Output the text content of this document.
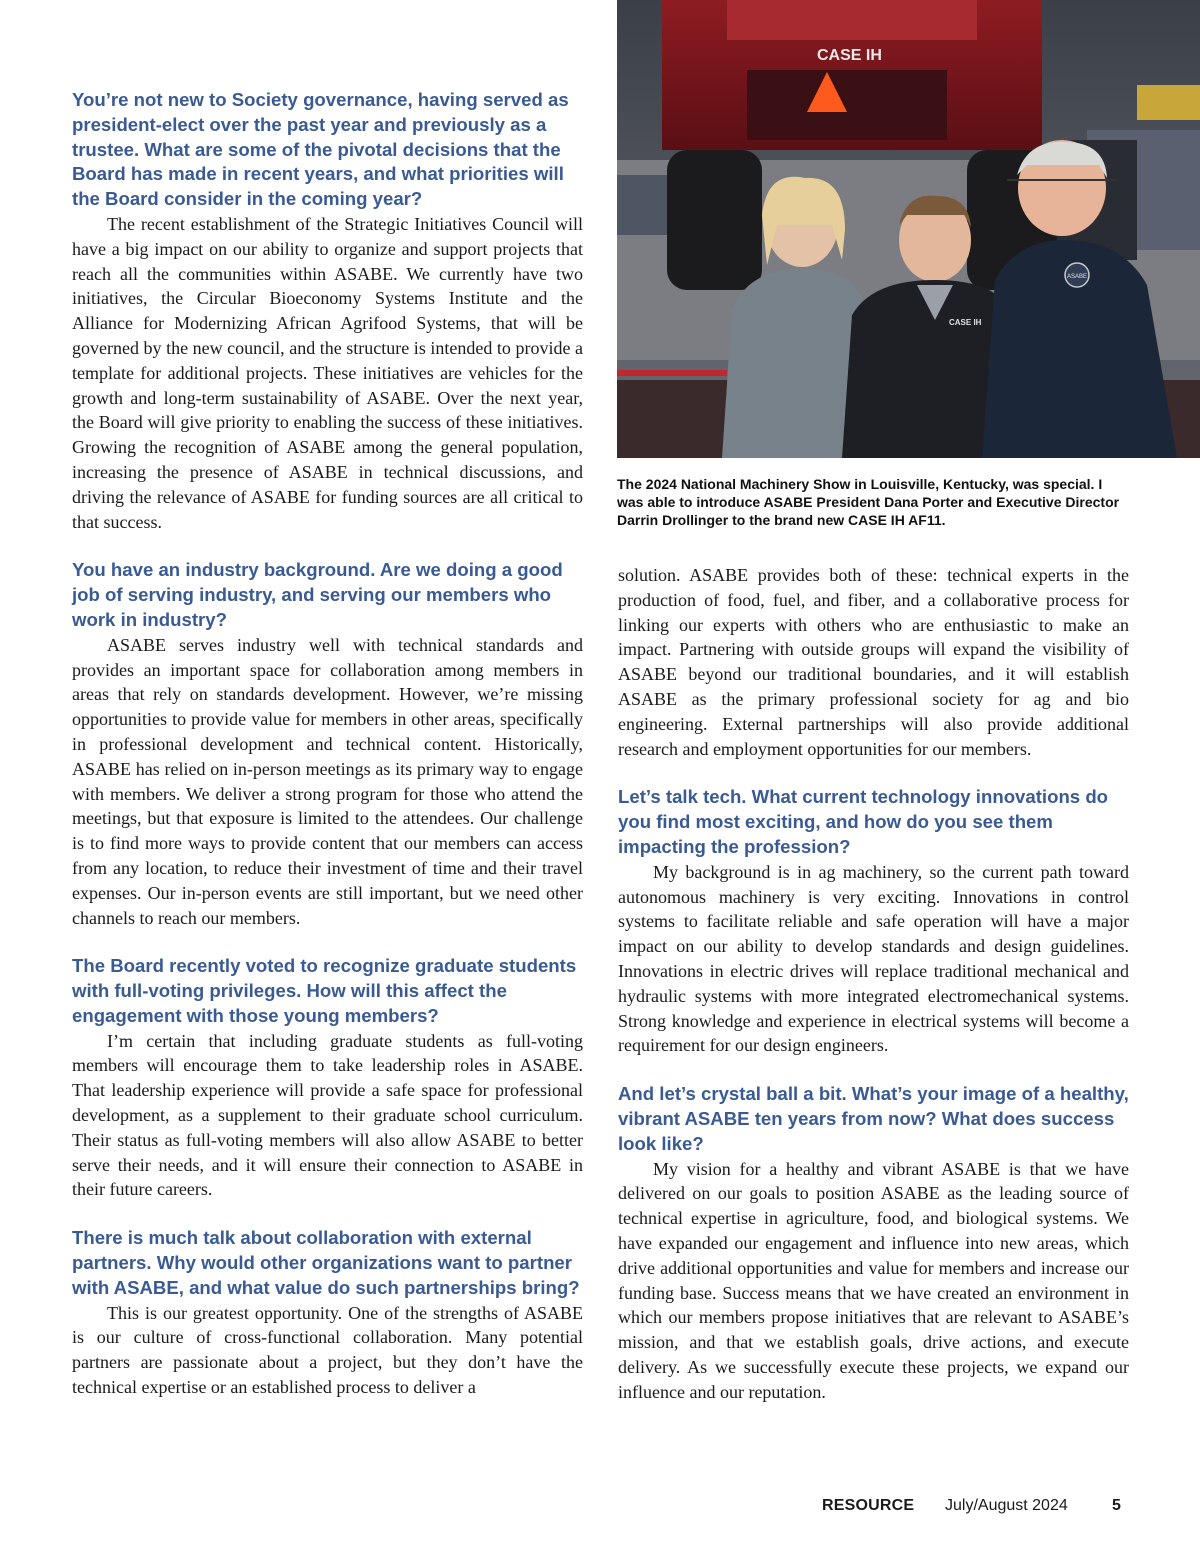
CASE IH
CASE IH
ASABE
The 2024 National Machinery Show in Louisville, Kentucky, was special. I was able to introduce ASABE President Dana Porter and Executive Director Darrin Drollinger to the brand new CASE IH AF11.

You’re not new to Society governance, having served as president-elect over the past year and previously as a trustee. What are some of the pivotal decisions that the Board has made in recent years, and what priorities will the Board consider in the coming year?

The recent establishment of the Strategic Initiatives Council will have a big impact on our ability to organize and support projects that reach all the communities within ASABE. We currently have two initiatives, the Circular Bioeconomy Systems Institute and the Alliance for Modernizing African Agrifood Systems, that will be governed by the new council, and the structure is intended to provide a template for additional projects. These initiatives are vehicles for the growth and long-term sustainability of ASABE. Over the next year, the Board will give priority to enabling the success of these initiatives. Growing the recognition of ASABE among the general population, increasing the presence of ASABE in technical discussions, and driving the relevance of ASABE for funding sources are all critical to that success.

You have an industry background. Are we doing a good job of serving industry, and serving our members who work in industry?

ASABE serves industry well with technical standards and provides an important space for collaboration among members in areas that rely on standards development. However, we’re missing opportunities to provide value for members in other areas, specifically in professional development and technical content. Historically, ASABE has relied on in-person meetings as its primary way to engage with members. We deliver a strong program for those who attend the meetings, but that exposure is limited to the attendees. Our challenge is to find more ways to provide content that our members can access from any location, to reduce their investment of time and their travel expenses. Our in-person events are still important, but we need other channels to reach our members.

The Board recently voted to recognize graduate students with full-voting privileges. How will this affect the engagement with those young members?

I’m certain that including graduate students as full-voting members will encourage them to take leadership roles in ASABE. That leadership experience will provide a safe space for professional development, as a supplement to their graduate school curriculum. Their status as full-voting members will also allow ASABE to better serve their needs, and it will ensure their connection to ASABE in their future careers.

There is much talk about collaboration with external partners. Why would other organizations want to partner with ASABE, and what value do such partnerships bring?

This is our greatest opportunity. One of the strengths of ASABE is our culture of cross-functional collaboration. Many potential partners are passionate about a project, but they don’t have the technical expertise or an established process to deliver a

solution. ASABE provides both of these: technical experts in the production of food, fuel, and fiber, and a collaborative process for linking our experts with others who are enthusiastic to make an impact. Partnering with outside groups will expand the visibility of ASABE beyond our traditional boundaries, and it will establish ASABE as the primary professional society for ag and bio engineering. External partnerships will also provide additional research and employment opportunities for our members.

Let’s talk tech. What current technology innovations do you find most exciting, and how do you see them impacting the profession?

My background is in ag machinery, so the current path toward autonomous machinery is very exciting. Innovations in control systems to facilitate reliable and safe operation will have a major impact on our ability to develop standards and design guidelines. Innovations in electric drives will replace traditional mechanical and hydraulic systems with more integrated electromechanical systems. Strong knowledge and experience in electrical systems will become a requirement for our design engineers.

And let’s crystal ball a bit. What’s your image of a healthy, vibrant ASABE ten years from now? What does success look like?

My vision for a healthy and vibrant ASABE is that we have delivered on our goals to position ASABE as the leading source of technical expertise in agriculture, food, and biological systems. We have expanded our engagement and influence into new areas, which drive additional opportunities and value for members and increase our funding base. Success means that we have created an environment in which our members propose initiatives that are relevant to ASABE’s mission, and that we establish goals, drive actions, and execute delivery. As we successfully execute these projects, we expand our influence and our reputation.

RESOURCE July/August 2024	5
